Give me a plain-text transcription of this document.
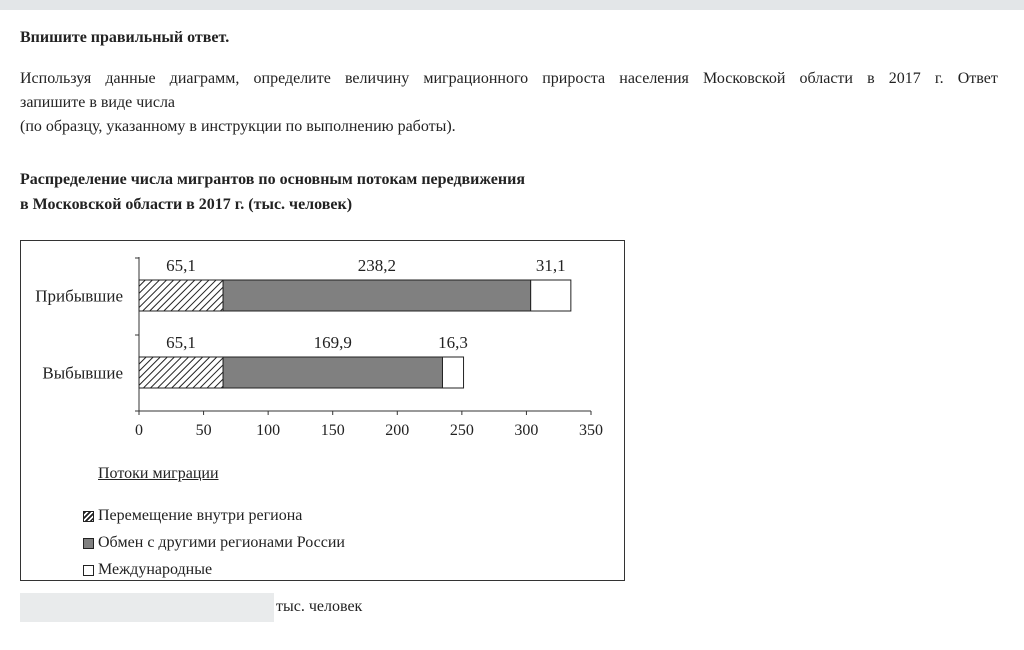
Впишите правильный ответ.
Используя данные диаграмм, определите величину миграционного прироста населения Московской области в 2017 г. Ответ
запишите в виде числа
(по образцу, указанному в инструкции по выполнению работы).
Распределение числа мигрантов по основным потокам передвижения
в Московской области в 2017 г. (тыс. человек)
0	50	100	150	200	250	300	350
Прибывшие
65,1	238,2	31,1
Выбывшие
65,1	169,9	16,3
Потоки миграции
Перемещение внутри региона
Обмен с другими регионами России
Международные
тыс. человек
